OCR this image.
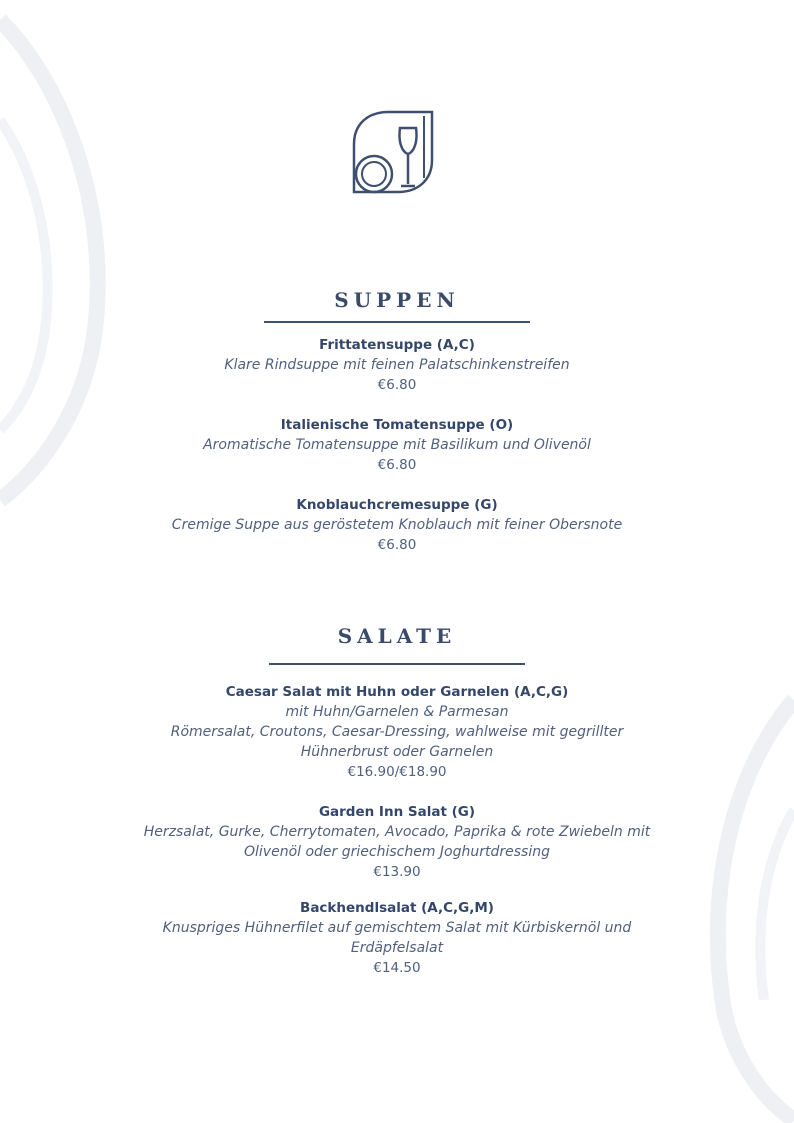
SUPPEN
Frittatensuppe (A,C)
Klare Rindsuppe mit feinen Palatschinkenstreifen
€6.80
Italienische Tomatensuppe (O)
Aromatische Tomatensuppe mit Basilikum und Olivenöl
€6.80
Knoblauchcremesuppe (G)
Cremige Suppe aus geröstetem Knoblauch mit feiner Obersnote
€6.80
SALATE
Caesar Salat mit Huhn oder Garnelen (A,C,G)
mit Huhn/Garnelen & Parmesan
Römersalat, Croutons, Caesar-Dressing, wahlweise mit gegrillter
Hühnerbrust oder Garnelen
€16.90/€18.90
Garden Inn Salat (G)
Herzsalat, Gurke, Cherrytomaten, Avocado, Paprika & rote Zwiebeln mit
Olivenöl oder griechischem Joghurtdressing
€13.90
Backhendlsalat (A,C,G,M)
Knuspriges Hühnerfilet auf gemischtem Salat mit Kürbiskernöl und
Erdäpfelsalat
€14.50
